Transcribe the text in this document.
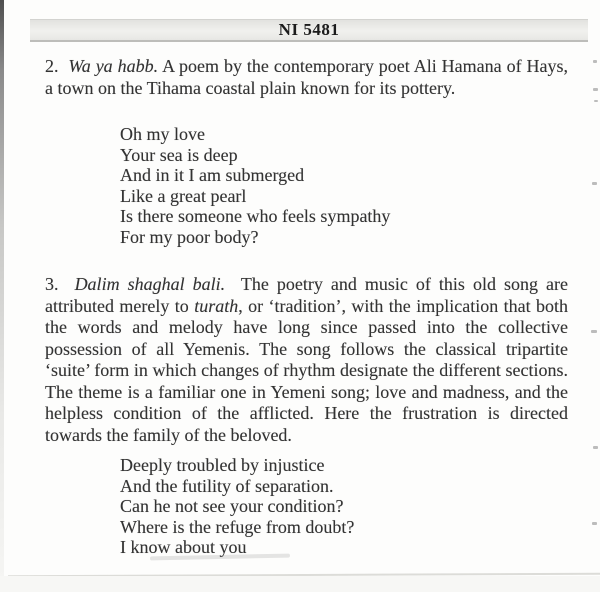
NI 5481

2.  Wa ya habb. A poem by the contemporary poet Ali Hamana of Hays, a town on the Tihama coastal plain known for its pottery.

Oh my love
Your sea is deep
And in it I am submerged
Like a great pearl
Is there someone who feels sympathy
For my poor body?

3.  Dalim shaghal bali.  The poetry and music of this old song are attributed merely to turath, or ‘tradition’, with the implication that both the words and melody have long since passed into the collective possession of all Yemenis. The song follows the classical tripartite ‘suite’ form in which changes of rhythm designate the different sections. The theme is a familiar one in Yemeni song; love and madness, and the helpless condition of the afflicted. Here the frustration is directed towards the family of the beloved.

Deeply troubled by injustice
And the futility of separation.
Can he not see your condition?
Where is the refuge from doubt?
I know about you
